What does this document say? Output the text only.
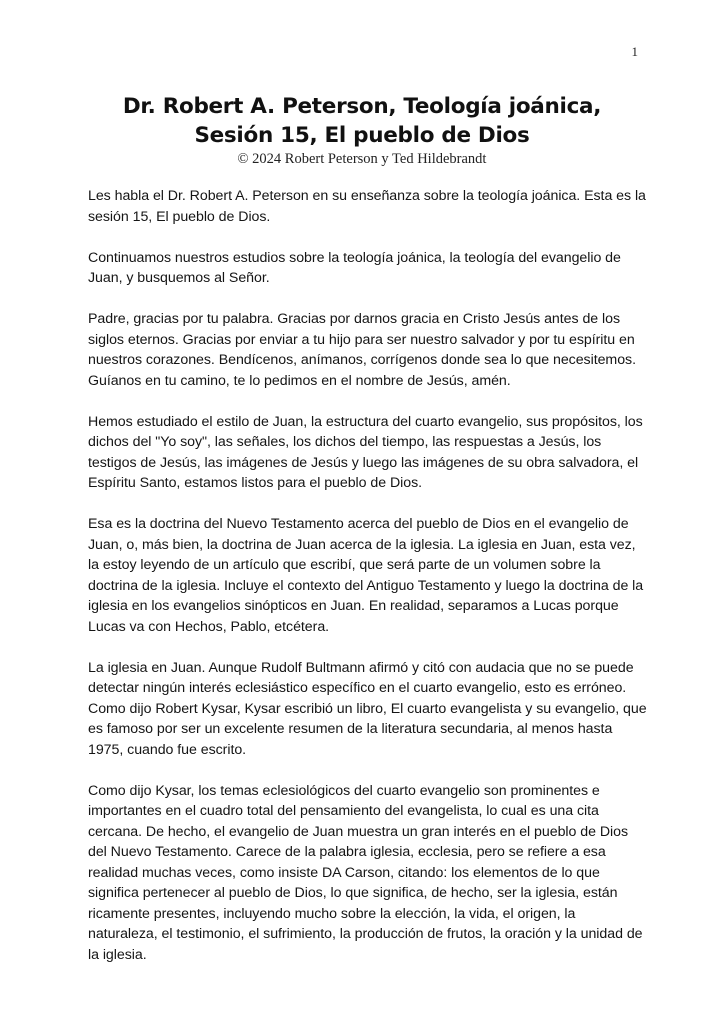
1
Dr. Robert A. Peterson, Teología joánica,
Sesión 15, El pueblo de Dios
© 2024 Robert Peterson y Ted Hildebrandt

Les habla el Dr. Robert A. Peterson en su enseñanza sobre la teología joánica. Esta es la sesión 15, El pueblo de Dios.

Continuamos nuestros estudios sobre la teología joánica, la teología del evangelio de Juan, y busquemos al Señor.

Padre, gracias por tu palabra. Gracias por darnos gracia en Cristo Jesús antes de los siglos eternos. Gracias por enviar a tu hijo para ser nuestro salvador y por tu espíritu en nuestros corazones. Bendícenos, anímanos, corrígenos donde sea lo que necesitemos. Guíanos en tu camino, te lo pedimos en el nombre de Jesús, amén.

Hemos estudiado el estilo de Juan, la estructura del cuarto evangelio, sus propósitos, los dichos del "Yo soy", las señales, los dichos del tiempo, las respuestas a Jesús, los testigos de Jesús, las imágenes de Jesús y luego las imágenes de su obra salvadora, el Espíritu Santo, estamos listos para el pueblo de Dios.

Esa es la doctrina del Nuevo Testamento acerca del pueblo de Dios en el evangelio de Juan, o, más bien, la doctrina de Juan acerca de la iglesia. La iglesia en Juan, esta vez, la estoy leyendo de un artículo que escribí, que será parte de un volumen sobre la doctrina de la iglesia. Incluye el contexto del Antiguo Testamento y luego la doctrina de la iglesia en los evangelios sinópticos en Juan. En realidad, separamos a Lucas porque Lucas va con Hechos, Pablo, etcétera.

La iglesia en Juan. Aunque Rudolf Bultmann afirmó y citó con audacia que no se puede detectar ningún interés eclesiástico específico en el cuarto evangelio, esto es erróneo. Como dijo Robert Kysar, Kysar escribió un libro, El cuarto evangelista y su evangelio, que es famoso por ser un excelente resumen de la literatura secundaria, al menos hasta 1975, cuando fue escrito.

Como dijo Kysar, los temas eclesiológicos del cuarto evangelio son prominentes e importantes en el cuadro total del pensamiento del evangelista, lo cual es una cita cercana. De hecho, el evangelio de Juan muestra un gran interés en el pueblo de Dios del Nuevo Testamento. Carece de la palabra iglesia, ecclesia, pero se refiere a esa realidad muchas veces, como insiste DA Carson, citando: los elementos de lo que significa pertenecer al pueblo de Dios, lo que significa, de hecho, ser la iglesia, están ricamente presentes, incluyendo mucho sobre la elección, la vida, el origen, la naturaleza, el testimonio, el sufrimiento, la producción de frutos, la oración y la unidad de la iglesia.
